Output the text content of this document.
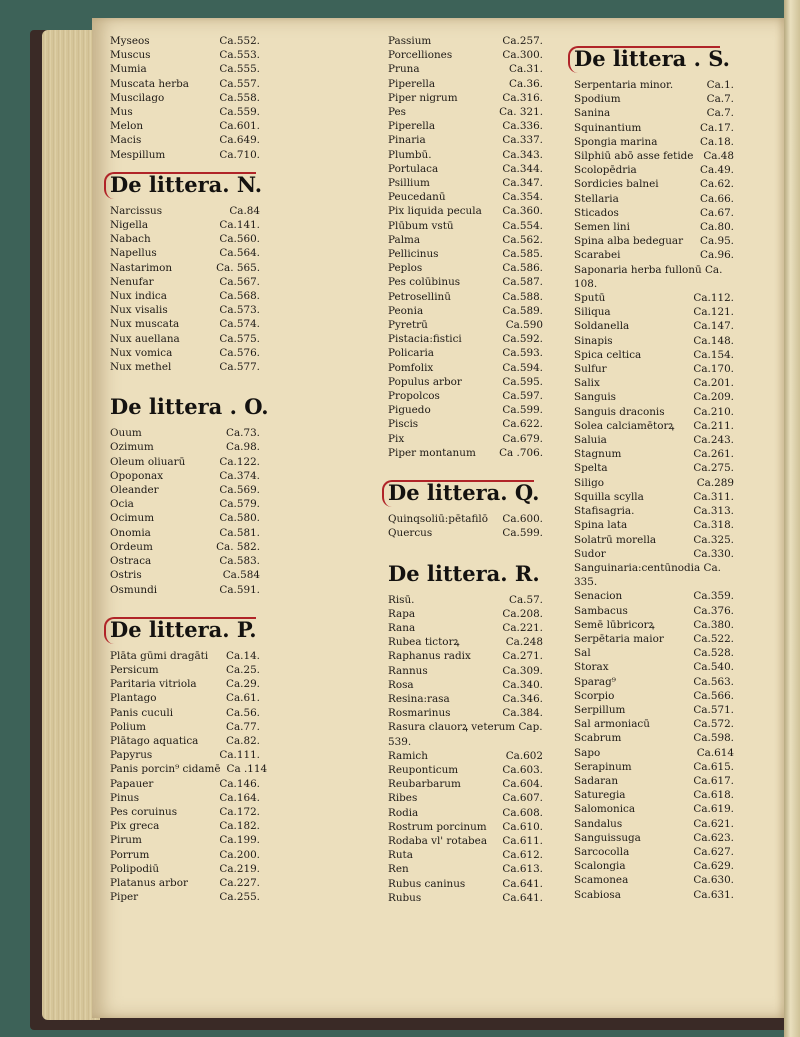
Myseos	Ca.552.
Muscus	Ca.553.
Mumia	Ca.555.
Muscata herba	Ca.557.
Muscilago	Ca.558.
Mus	Ca.559.
Melon	Ca.601.
Macis	Ca.649.
Mespillum	Ca.710.
De littera. N.
Narcissus	Ca.84
Nigella	Ca.141.
Nabach	Ca.560.
Napellus	Ca.564.
Nastarimon	Ca. 565.
Nenufar	Ca.567.
Nux indica	Ca.568.
Nux visalis	Ca.573.
Nux muscata	Ca.574.
Nux auellana	Ca.575.
Nux vomica	Ca.576.
Nux methel	Ca.577.
De littera . O.
Ouum	Ca.73.
Ozimum	Ca.98.
Oleum oliuarū	Ca.122.
Opoponax	Ca.374.
Oleander	Ca.569.
Ocia	Ca.579.
Ocimum	Ca.580.
Onomia	Ca.581.
Ordeum	Ca. 582.
Ostraca	Ca.583.
Ostris	Ca.584
Osmundi	Ca.591.
De littera. P.
Plāta gūmi dragāti Ca.14.
Persicum	Ca.25.
Paritaria vitriola	Ca.29.
Plantago	Ca.61.
Panis cuculi	Ca.56.
Polium	Ca.77.
Plātago aquatica	Ca.82.
Papyrus	Ca.111.
Panis porcin⁹ cidamē Ca .114
Papauer	Ca.146.
Pinus	Ca.164.
Pes coruinus	Ca.172.
Pix greca	Ca.182.
Pirum	Ca.199.
Porrum	Ca.200.
Polipodiū	Ca.219.
Platanus arbor	Ca.227.
Piper	Ca.255.
Passium	Ca.257.
Porcelliones	Ca.300.
Pruna	Ca.31.
Piperella	Ca.36.
Piper nigrum	Ca.316.
Pes	Ca. 321.
Piperella	Ca.336.
Pinaria	Ca.337.
Plumbū.	Ca.343.
Portulaca	Ca.344.
Psillium	Ca.347.
Peucedanū	Ca.354.
Pix liquida pecula Ca.360.
Plūbum vstū	Ca.554.
Palma	Ca.562.
Pellicinus	Ca.585.
Peplos	Ca.586.
Pes colūbinus	Ca.587.
Petrosellinū	Ca.588.
Peonia	Ca.589.
Pyretrū	Ca.590
Pistacia:fistici	Ca.592.
Policaria	Ca.593.
Pomfolix	Ca.594.
Populus arbor	Ca.595.
Propolcos	Ca.597.
Piguedo	Ca.599.
Piscis	Ca.622.
Pix	Ca.679.
Piper montanum Ca .706.
De littera. Q.
Quinqsoliū:pētafilō Ca.600.
Quercus	Ca.599.
De littera. R.
Risū.	Ca.57.
Rapa	Ca.208.
Rana	Ca.221.
Rubea tictorꝝ	Ca.248
Raphanus radix	Ca.271.
Rannus	Ca.309.
Rosa	Ca.340.
Resina:rasa	Ca.346.
Rosmarinus	Ca.384.
Rasura clauorꝝ veterum Cap. 539.
Ramich	Ca.602
Reuponticum	Ca.603.
Reubarbarum	Ca.604.
Ribes	Ca.607.
Rodia	Ca.608.
Rostrum porcinum Ca.610.
Rodaba vl' rotabea Ca.611.
Ruta	Ca.612.
Ren	Ca.613.
Rubus caninus	Ca.641.
Rubus	Ca.641.
De littera . S.
Serpentaria minor.	Ca.1.
Spodium	Ca.7.
Sanina	Ca.7.
Squinantium	Ca.17.
Spongia marina	Ca.18.
Silphiū abō asse fetide Ca.48
Scolopēdria	Ca.49.
Sordicies balnei	Ca.62.
Stellaria	Ca.66.
Sticados	Ca.67.
Semen lini	Ca.80.
Spina alba bedeguar Ca.95.
Scarabei	Ca.96.
Saponaria herba fullonū Ca. 108.
Sputū	Ca.112.
Siliqua	Ca.121.
Soldanella	Ca.147.
Sinapis	Ca.148.
Spica celtica	Ca.154.
Sulfur	Ca.170.
Salix	Ca.201.
Sanguis	Ca.209.
Sanguis draconis	Ca.210.
Solea calciamētorꝝ Ca.211.
Saluia	Ca.243.
Stagnum	Ca.261.
Spelta	Ca.275.
Siligo	Ca.289
Squilla scylla	Ca.311.
Stafisagria.	Ca.313.
Spina lata	Ca.318.
Solatrū morella	Ca.325.
Sudor	Ca.330.
Sanguinaria:centūnodia Ca. 335.
Senacion	Ca.359.
Sambacus	Ca.376.
Semē lūbricorꝝ	Ca.380.
Serpētaria maior	Ca.522.
Sal	Ca.528.
Storax	Ca.540.
Sparag⁹	Ca.563.
Scorpio	Ca.566.
Serpillum	Ca.571.
Sal armoniacū	Ca.572.
Scabrum	Ca.598.
Sapo	Ca.614
Serapinum	Ca.615.
Sadaran	Ca.617.
Saturegia	Ca.618.
Salomonica	Ca.619.
Sandalus	Ca.621.
Sanguissuga	Ca.623.
Sarcocolla	Ca.627.
Scalongia	Ca.629.
Scamonea	Ca.630.
Scabiosa	Ca.631.
